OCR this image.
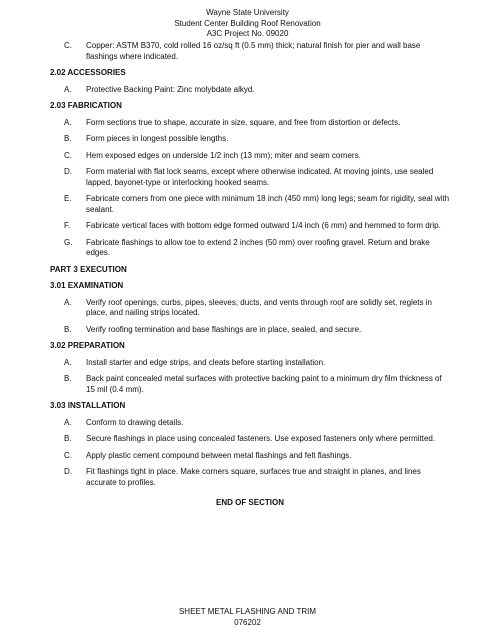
Wayne State University
Student Center Building Roof Renovation
A3C Project No. 09020
C. Copper: ASTM B370, cold rolled 16 oz/sq ft (0.5 mm) thick; natural finish for pier and wall base flashings where indicated.
2.02 ACCESSORIES
A. Protective Backing Paint: Zinc molybdate alkyd.
2.03 FABRICATION
A. Form sections true to shape, accurate in size, square, and free from distortion or defects.
B. Form pieces in longest possible lengths.
C. Hem exposed edges on underside 1/2 inch (13 mm); miter and seam corners.
D. Form material with flat lock seams, except where otherwise indicated. At moving joints, use sealed lapped, bayonet-type or interlocking hooked seams.
E. Fabricate corners from one piece with minimum 18 inch (450 mm) long legs; seam for rigidity, seal with sealant.
F. Fabricate vertical faces with bottom edge formed outward 1/4 inch (6 mm) and hemmed to form drip.
G. Fabricate flashings to allow toe to extend 2 inches (50 mm) over roofing gravel. Return and brake edges.
PART 3 EXECUTION
3.01 EXAMINATION
A. Verify roof openings, curbs, pipes, sleeves, ducts, and vents through roof are solidly set, reglets in place, and nailing strips located.
B. Verify roofing termination and base flashings are in place, sealed, and secure.
3.02 PREPARATION
A. Install starter and edge strips, and cleats before starting installation.
B. Back paint concealed metal surfaces with protective backing paint to a minimum dry film thickness of 15 mil (0.4 mm).
3.03 INSTALLATION
A. Conform to drawing details.
B. Secure flashings in place using concealed fasteners. Use exposed fasteners only where permitted.
C. Apply plastic cement compound between metal flashings and felt flashings.
D. Fit flashings tight in place. Make corners square, surfaces true and straight in planes, and lines accurate to profiles.
END OF SECTION
SHEET METAL FLASHING AND TRIM
076202
